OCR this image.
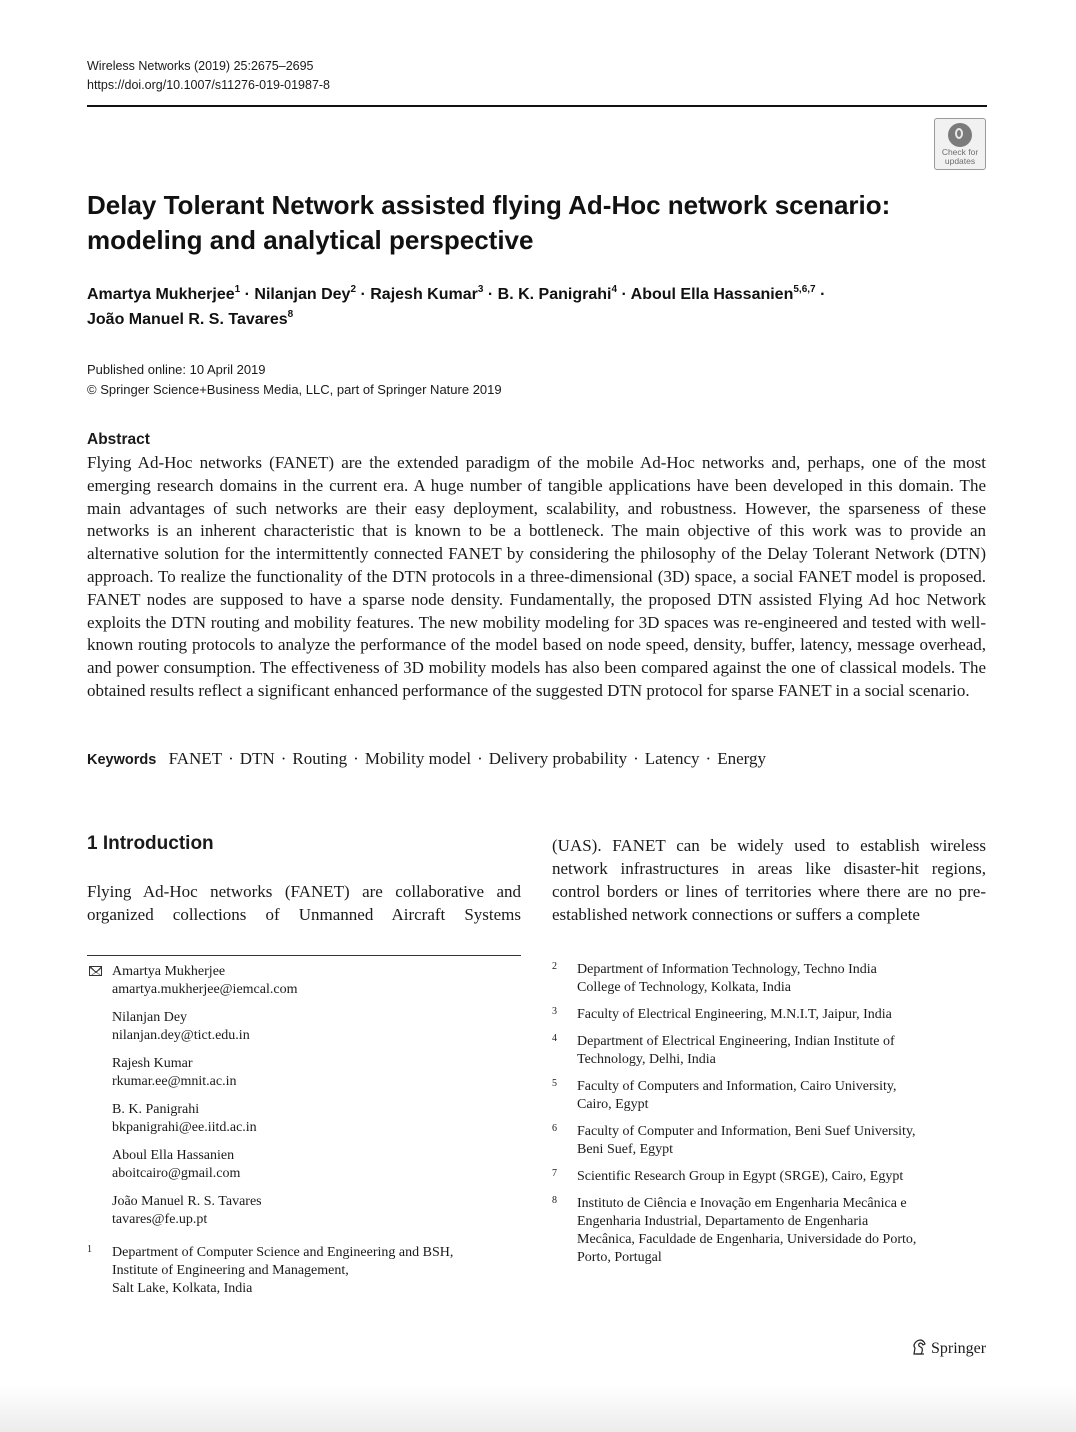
Wireless Networks (2019) 25:2675–2695
https://doi.org/10.1007/s11276-019-01987-8
Check for
updates
Delay Tolerant Network assisted flying Ad-Hoc network scenario:
modeling and analytical perspective
Amartya Mukherjee$^1$ · Nilanjan Dey$^2$ · Rajesh Kumar$^3$ · B. K. Panigrahi$^4$ · Aboul Ella Hassanien$^{5,6,7}$ ·
João Manuel R. S. Tavares$^8$
Published online: 10 April 2019
© Springer Science+Business Media, LLC, part of Springer Nature 2019
Abstract

Flying Ad-Hoc networks (FANET) are the extended paradigm of the mobile Ad-Hoc networks and, perhaps, one of the most emerging research domains in the current era. A huge number of tangible applications have been developed in this domain. The main advantages of such networks are their easy deployment, scalability, and robustness. However, the sparseness of these networks is an inherent characteristic that is known to be a bottleneck. The main objective of this work was to provide an alternative solution for the intermittently connected FANET by considering the philosophy of the Delay Tolerant Network (DTN) approach. To realize the functionality of the DTN protocols in a three-dimensional (3D) space, a social FANET model is proposed. FANET nodes are supposed to have a sparse node density. Fundamentally, the proposed DTN assisted Flying Ad hoc Network exploits the DTN routing and mobility features. The new mobility modeling for 3D spaces was re-engineered and tested with well-known routing protocols to analyze the performance of the model based on node speed, density, buffer, latency, message overhead, and power consumption. The effectiveness of 3D mobility models has also been compared against the one of classical models. The obtained results reflect a significant enhanced performance of the suggested DTN protocol for sparse FANET in a social scenario.

Keywords FANET · DTN · Routing · Mobility model · Delivery probability · Latency · Energy
1 Introduction

Flying Ad-Hoc networks (FANET) are collaborative and organized collections of Unmanned Aircraft Systems

(UAS). FANET can be widely used to establish wireless network infrastructures in areas like disaster-hit regions, control borders or lines of territories where there are no pre-established network connections or suffers a complete

Amartya Mukherjee
amartya.mukherjee@iemcal.com
Nilanjan Dey
nilanjan.dey@tict.edu.in
Rajesh Kumar
rkumar.ee@mnit.ac.in
B. K. Panigrahi
bkpanigrahi@ee.iitd.ac.in
Aboul Ella Hassanien
aboitcairo@gmail.com
João Manuel R. S. Tavares
tavares@fe.up.pt
1 Department of Computer Science and Engineering and BSH,
Institute of Engineering and Management,
Salt Lake, Kolkata, India
2 Department of Information Technology, Techno India
College of Technology, Kolkata, India
3 Faculty of Electrical Engineering, M.N.I.T, Jaipur, India
4 Department of Electrical Engineering, Indian Institute of
Technology, Delhi, India
5 Faculty of Computers and Information, Cairo University,
Cairo, Egypt
6 Faculty of Computer and Information, Beni Suef University,
Beni Suef, Egypt
7 Scientific Research Group in Egypt (SRGE), Cairo, Egypt
8 Instituto de Ciência e Inovação em Engenharia Mecânica e
Engenharia Industrial, Departamento de Engenharia
Mecânica, Faculdade de Engenharia, Universidade do Porto,
Porto, Portugal
Springer
